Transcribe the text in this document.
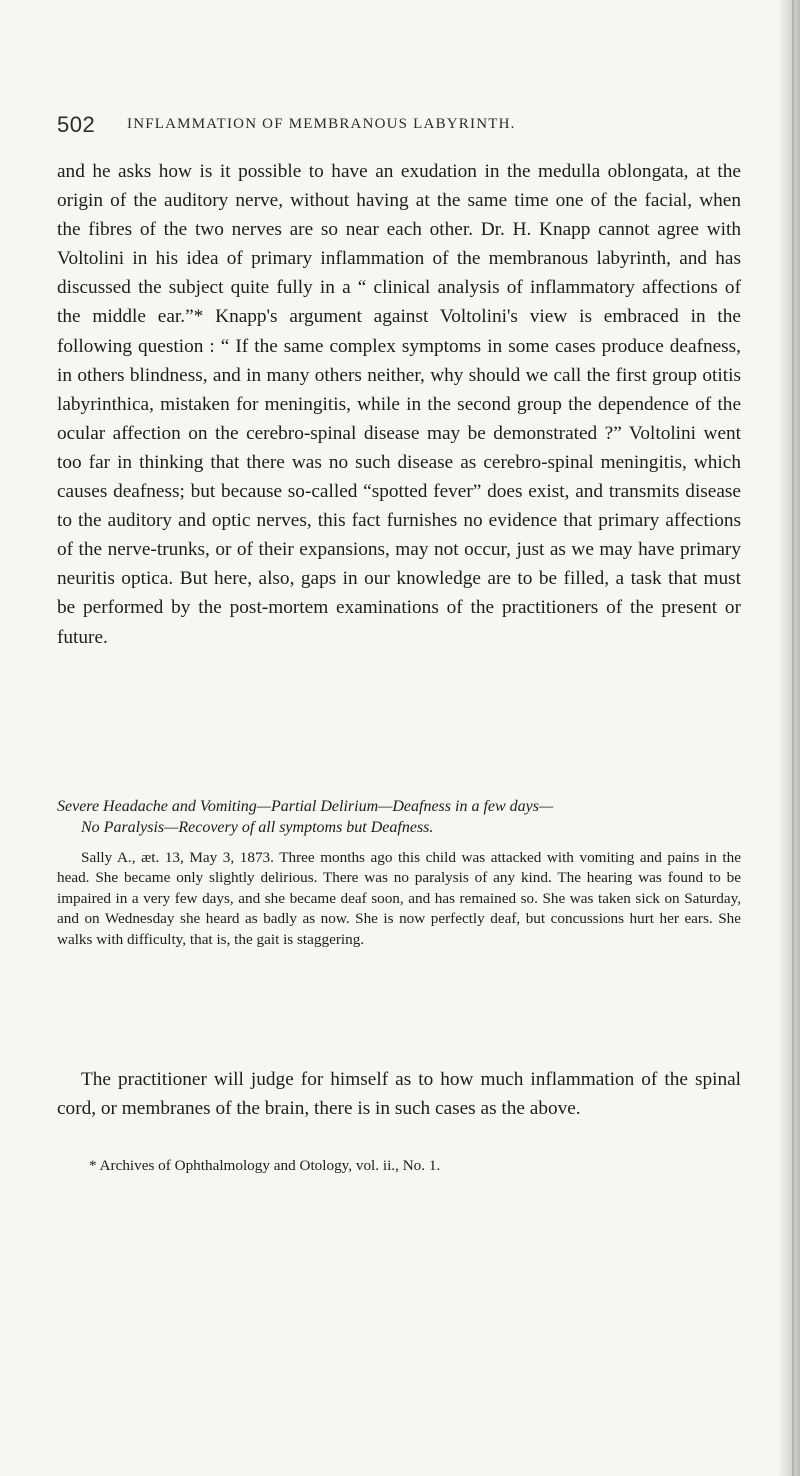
502 INFLAMMATION OF MEMBRANOUS LABYRINTH.

and he asks how is it possible to have an exudation in the medulla oblongata, at the origin of the auditory nerve, without having at the same time one of the facial, when the fibres of the two nerves are so near each other. Dr. H. Knapp cannot agree with Voltolini in his idea of primary inflammation of the membranous labyrinth, and has discussed the subject quite fully in a “ clinical analysis of inflammatory affections of the middle ear.”* Knapp's argument against Voltolini's view is embraced in the following question : “ If the same complex symptoms in some cases produce deafness, in others blindness, and in many others neither, why should we call the first group otitis labyrinthica, mistaken for meningitis, while in the second group the dependence of the ocular affection on the cerebro-spinal disease may be demonstrated ?” Voltolini went too far in thinking that there was no such disease as cerebro-spinal meningitis, which causes deafness; but because so-called “spotted fever” does exist, and transmits disease to the auditory and optic nerves, this fact furnishes no evidence that primary affections of the nerve-trunks, or of their expansions, may not occur, just as we may have primary neuritis optica. But here, also, gaps in our knowledge are to be filled, a task that must be performed by the post-mortem examinations of the practitioners of the present or future.

Severe Headache and Vomiting—Partial Delirium—Deafness in a few days—
No Paralysis—Recovery of all symptoms but Deafness.

Sally A., æt. 13, May 3, 1873. Three months ago this child was attacked with vomiting and pains in the head. She became only slightly delirious. There was no paralysis of any kind. The hearing was found to be impaired in a very few days, and she became deaf soon, and has remained so. She was taken sick on Saturday, and on Wednesday she heard as badly as now. She is now perfectly deaf, but concussions hurt her ears. She walks with difficulty, that is, the gait is staggering.

The practitioner will judge for himself as to how much inflammation of the spinal cord, or membranes of the brain, there is in such cases as the above.

* Archives of Ophthalmology and Otology, vol. ii., No. 1.
